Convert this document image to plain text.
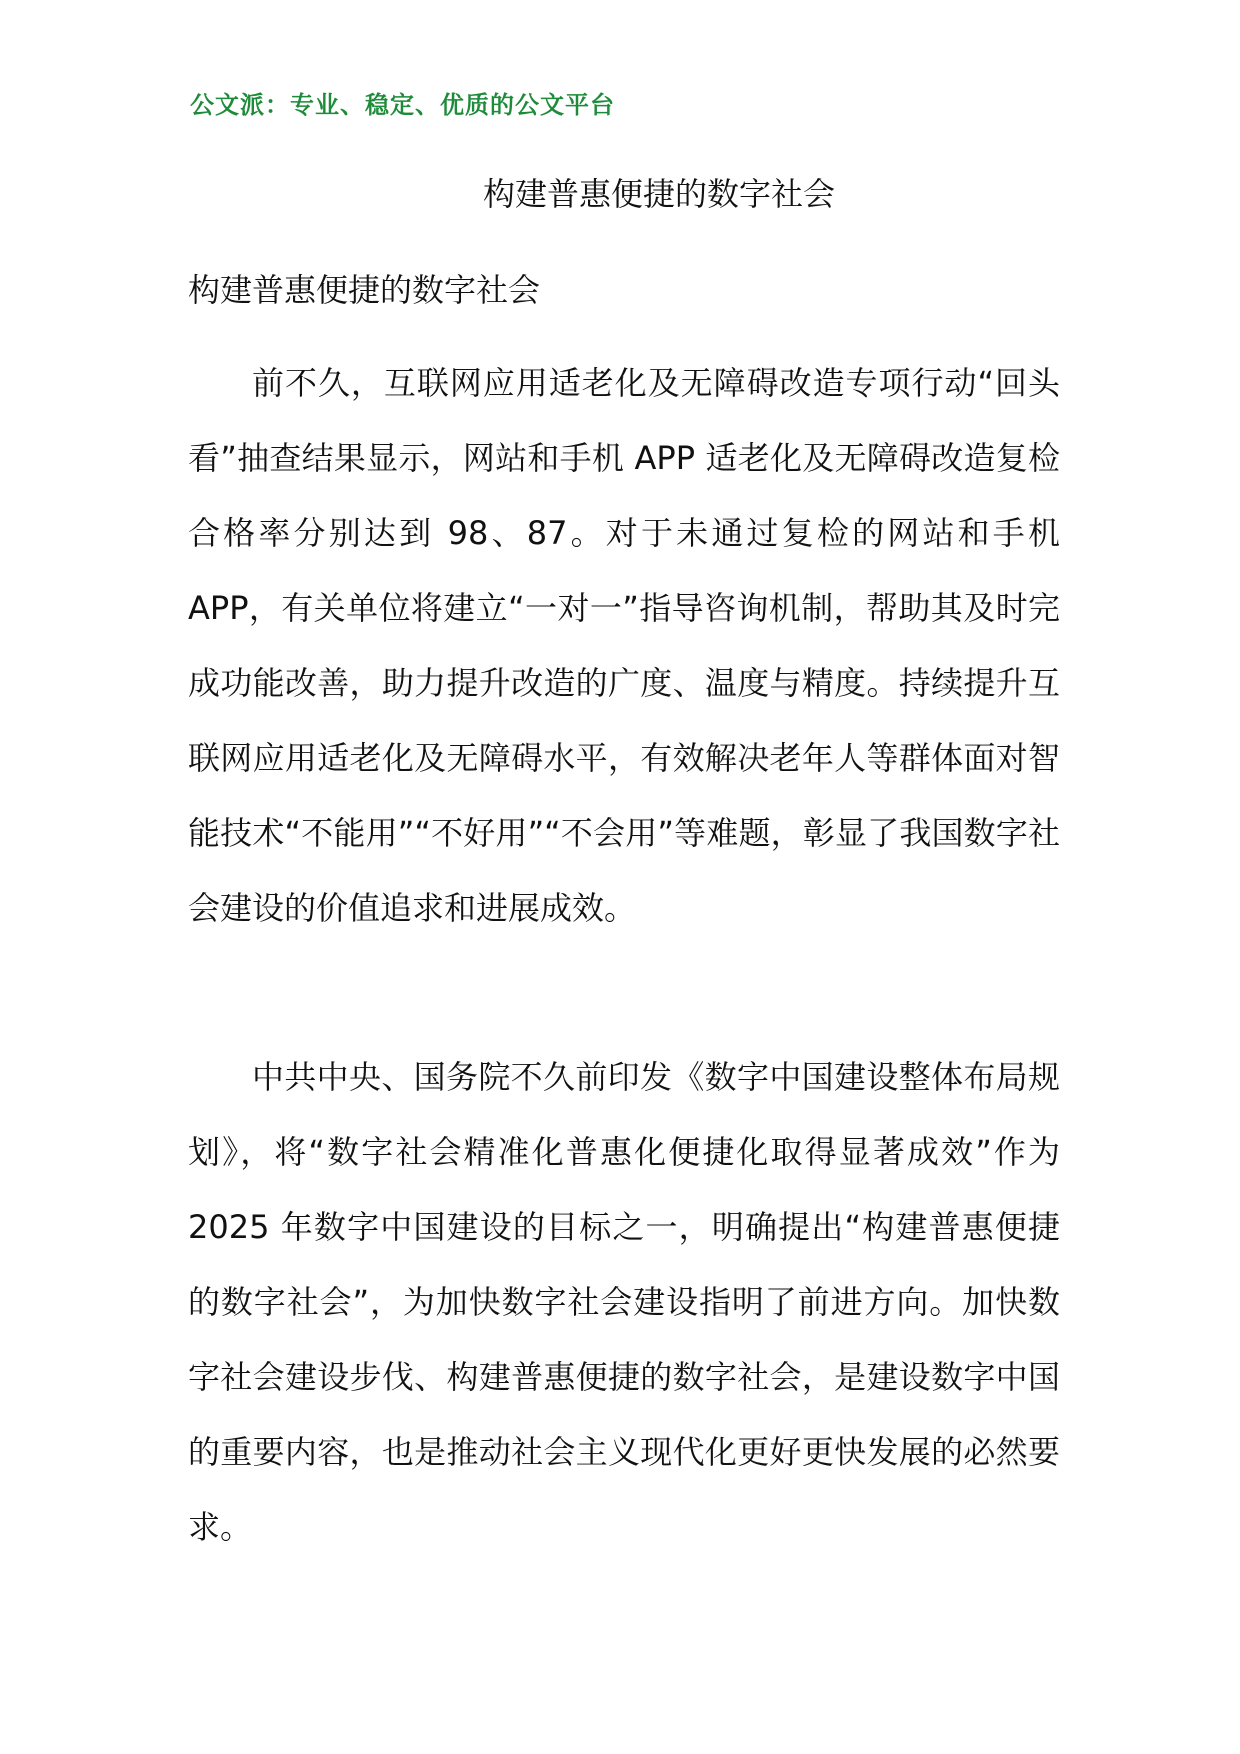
公文派：专业、稳定、优质的公文平台
构建普惠便捷的数字社会
构建普惠便捷的数字社会

前不久，互联网应用适老化及无障碍改造专项行动“回头看”抽查结果显示，网站和手机 APP 适老化及无障碍改造复检合格率分别达到 98、87。对于未通过复检的网站和手机 APP，有关单位将建立“一对一”指导咨询机制，帮助其及时完成功能改善，助力提升改造的广度、温度与精度。持续提升互联网应用适老化及无障碍水平，有效解决老年人等群体面对智能技术“不能用”“不好用”“不会用”等难题，彰显了我国数字社会建设的价值追求和进展成效。

中共中央、国务院不久前印发《数字中国建设整体布局规划》，将“数字社会精准化普惠化便捷化取得显著成效”作为 2025 年数字中国建设的目标之一，明确提出“构建普惠便捷的数字社会”，为加快数字社会建设指明了前进方向。加快数字社会建设步伐、构建普惠便捷的数字社会，是建设数字中国的重要内容，也是推动社会主义现代化更好更快发展的必然要求。
